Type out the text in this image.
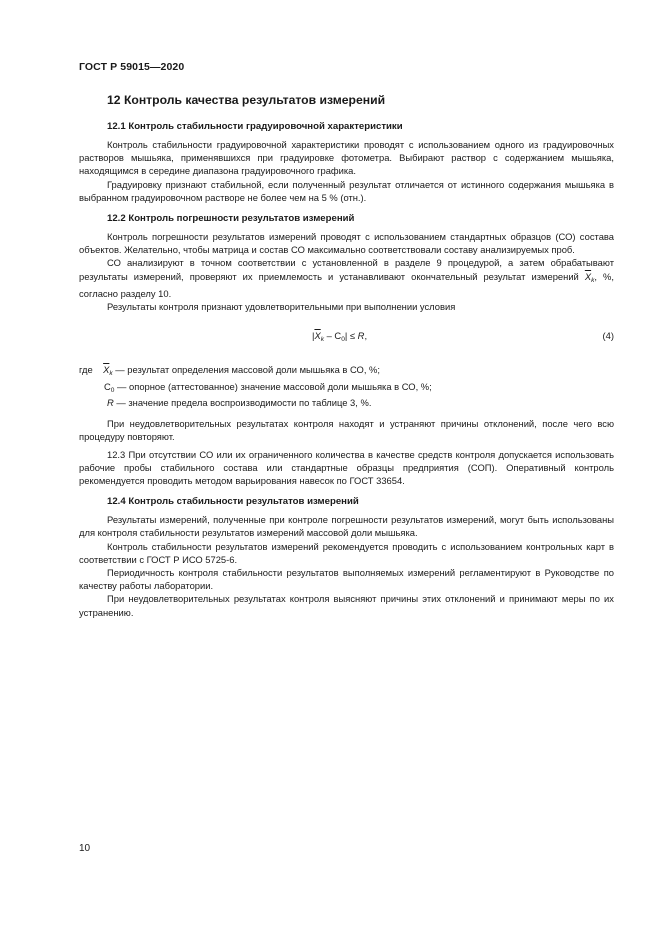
ГОСТ Р 59015—2020
12 Контроль качества результатов измерений
12.1 Контроль стабильности градуировочной характеристики

Контроль стабильности градуировочной характеристики проводят с использованием одного из градуировочных растворов мышьяка, применявшихся при градуировке фотометра. Выбирают раствор с содержанием мышьяка, находящимся в середине диапазона градуировочного графика.

Градуировку признают стабильной, если полученный результат отличается от истинного содержания мышьяка в выбранном градуировочном растворе не более чем на 5 % (отн.).

12.2 Контроль погрешности результатов измерений

Контроль погрешности результатов измерений проводят с использованием стандартных образцов (СО) состава объектов. Желательно, чтобы матрица и состав СО максимально соответствовали составу анализируемых проб.

СО анализируют в точном соответствии с установленной в разделе 9 процедурой, а затем обрабатывают результаты измерений, проверяют их приемлемость и устанавливают окончательный результат измерений $\overline{X}_k$, %, согласно разделу 10.

Результаты контроля признают удовлетворительными при выполнении условия

$|\overline{X}_k - C_0| \le R$,	(4)
где $\overline{X}_k$ — результат определения массовой доли мышьяка в СО, %;
$C_0$ — опорное (аттестованное) значение массовой доли мышьяка в СО, %;
R — значение предела воспроизводимости по таблице 3, %.

При неудовлетворительных результатах контроля находят и устраняют причины отклонений, после чего всю процедуру повторяют.

12.3 При отсутствии СО или их ограниченного количества в качестве средств контроля допускается использовать рабочие пробы стабильного состава или стандартные образцы предприятия (СОП). Оперативный контроль рекомендуется проводить методом варьирования навесок по ГОСТ 33654.

12.4 Контроль стабильности результатов измерений

Результаты измерений, полученные при контроле погрешности результатов измерений, могут быть использованы для контроля стабильности результатов измерений массовой доли мышьяка.

Контроль стабильности результатов измерений рекомендуется проводить с использованием контрольных карт в соответствии с ГОСТ Р ИСО 5725-6.

Периодичность контроля стабильности результатов выполняемых измерений регламентируют в Руководстве по качеству работы лаборатории.

При неудовлетворительных результатах контроля выясняют причины этих отклонений и принимают меры по их устранению.

10
